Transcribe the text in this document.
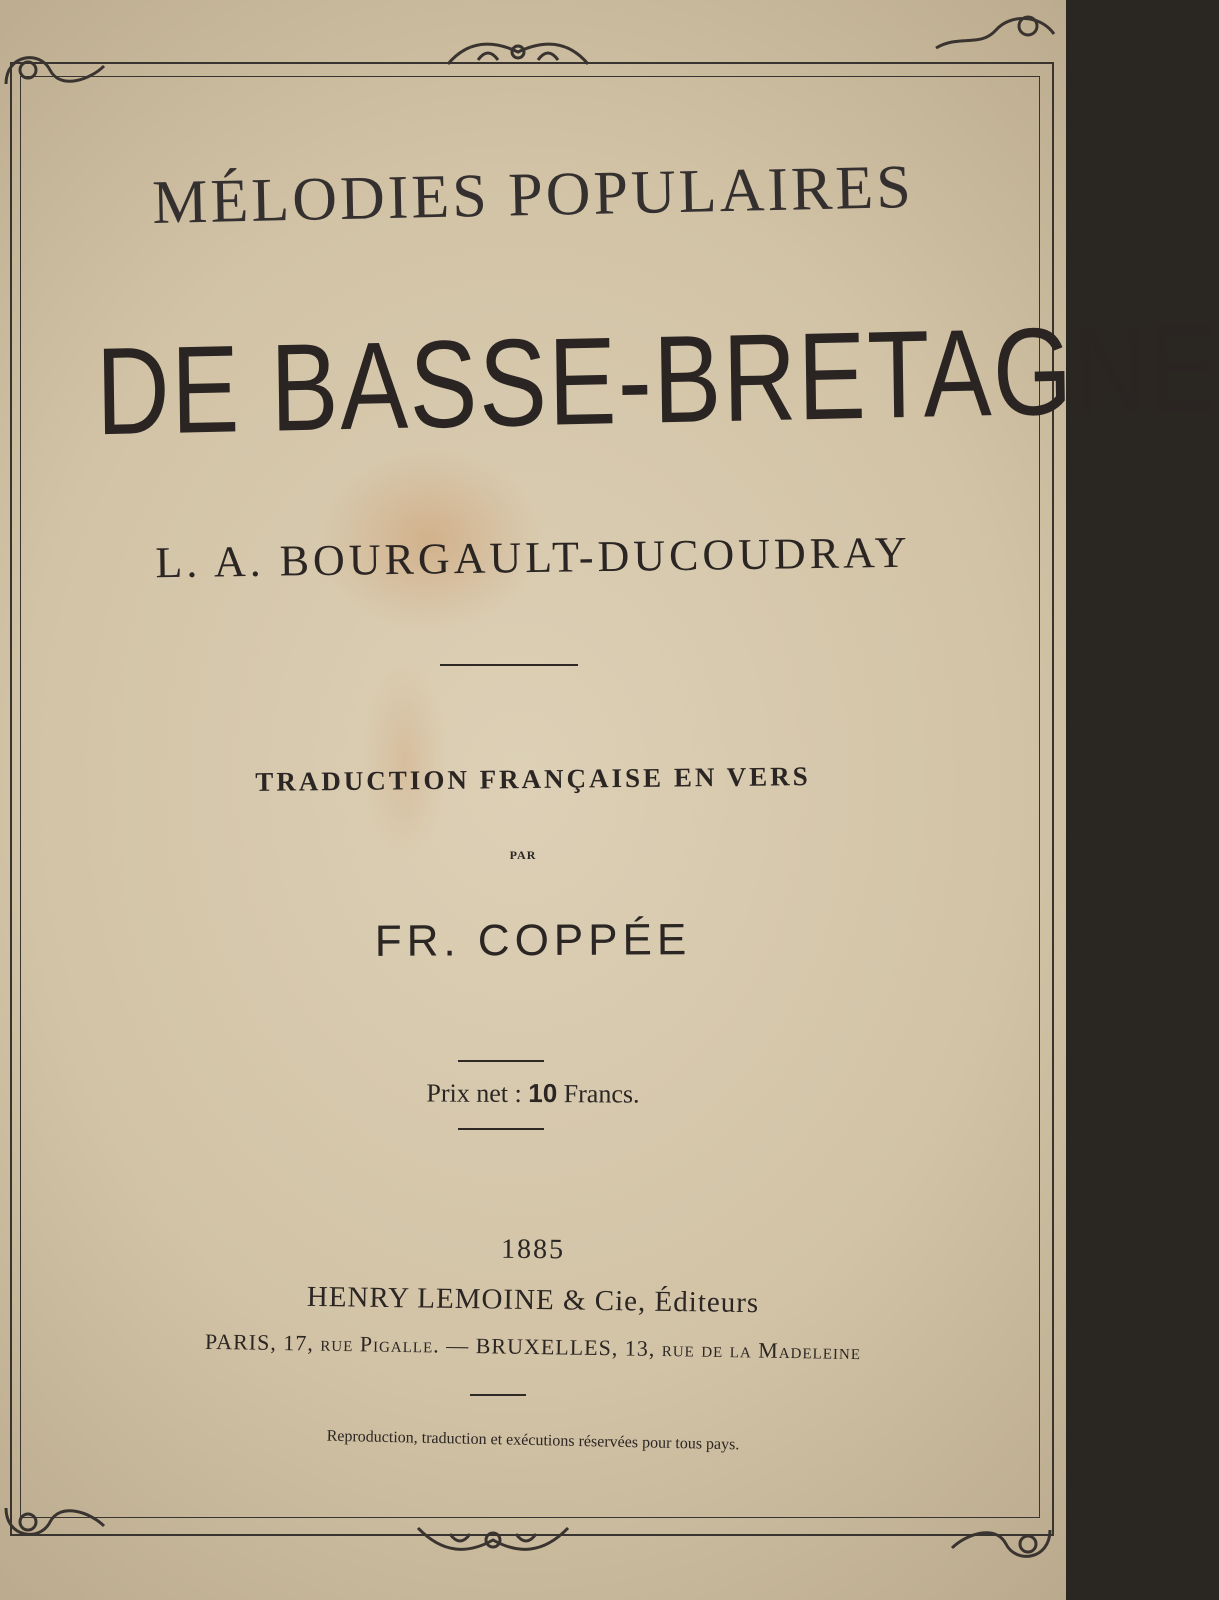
MÉLODIES POPULAIRES
DE BASSE-BRETAGNE
L. A. BOURGAULT-DUCOUDRAY
TRADUCTION FRANÇAISE EN VERS
PAR
FR. COPPÉE
Prix net : 10 Francs.
1885
HENRY LEMOINE & Cie, Éditeurs
PARIS, 17, rue Pigalle. — BRUXELLES, 13, rue de la Madeleine
Reproduction, traduction et exécutions réservées pour tous pays.
